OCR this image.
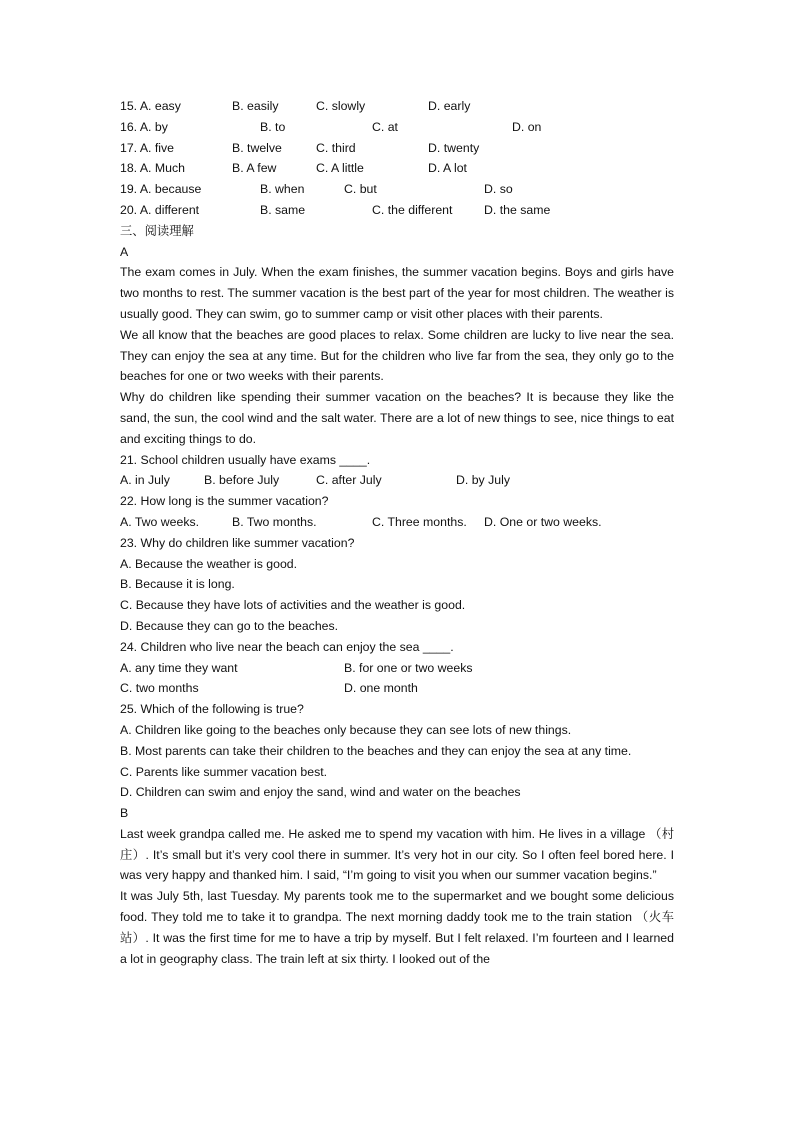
15. A. easy	B. easily	C. slowly	D. early
16. A. by	B. to	C. at	D. on
17. A. five	B. twelve	C. third	D. twenty
18. A. Much	B. A few	C. A little	D. A lot
19. A. because	B. when	C. but	D. so
20. A. different	B. same	C. the different	D. the same

三、阅读理解

A

The exam comes in July. When the exam finishes, the summer vacation begins. Boys and girls have two months to rest. The summer vacation is the best part of the year for most children. The weather is usually good. They can swim, go to summer camp or visit other places with their parents.

We all know that the beaches are good places to relax. Some children are lucky to live near the sea. They can enjoy the sea at any time. But for the children who live far from the sea, they only go to the beaches for one or two weeks with their parents.

Why do children like spending their summer vacation on the beaches? It is because they like the sand, the sun, the cool wind and the salt water. There are a lot of new things to see, nice things to eat and exciting things to do.

21. School children usually have exams ____.

A. in July	B. before July	C. after July	D. by July

22. How long is the summer vacation?

A. Two weeks.	B. Two months.	C. Three months. D. One or two weeks.

23. Why do children like summer vacation?

A. Because the weather is good.

B. Because it is long.

C. Because they have lots of activities and the weather is good.

D. Because they can go to the beaches.

24. Children who live near the beach can enjoy the sea ____.

A. any time they want	B. for one or two weeks
C. two months	D. one month

25. Which of the following is true?

A. Children like going to the beaches only because they can see lots of new things.

B. Most parents can take their children to the beaches and they can enjoy the sea at any time.

C. Parents like summer vacation best.

D. Children can swim and enjoy the sand, wind and water on the beaches

B

Last week grandpa called me. He asked me to spend my vacation with him. He lives in a village （村庄）. It’s small but it’s very cool there in summer. It’s very hot in our city. So I often feel bored here. I was very happy and thanked him. I said, “I’m going to visit you when our summer vacation begins.”

It was July 5th, last Tuesday. My parents took me to the supermarket and we bought some delicious food. They told me to take it to grandpa. The next morning daddy took me to the train station （火车站）. It was the first time for me to have a trip by myself. But I felt relaxed. I’m fourteen and I learned a lot in geography class. The train left at six thirty. I looked out of the
